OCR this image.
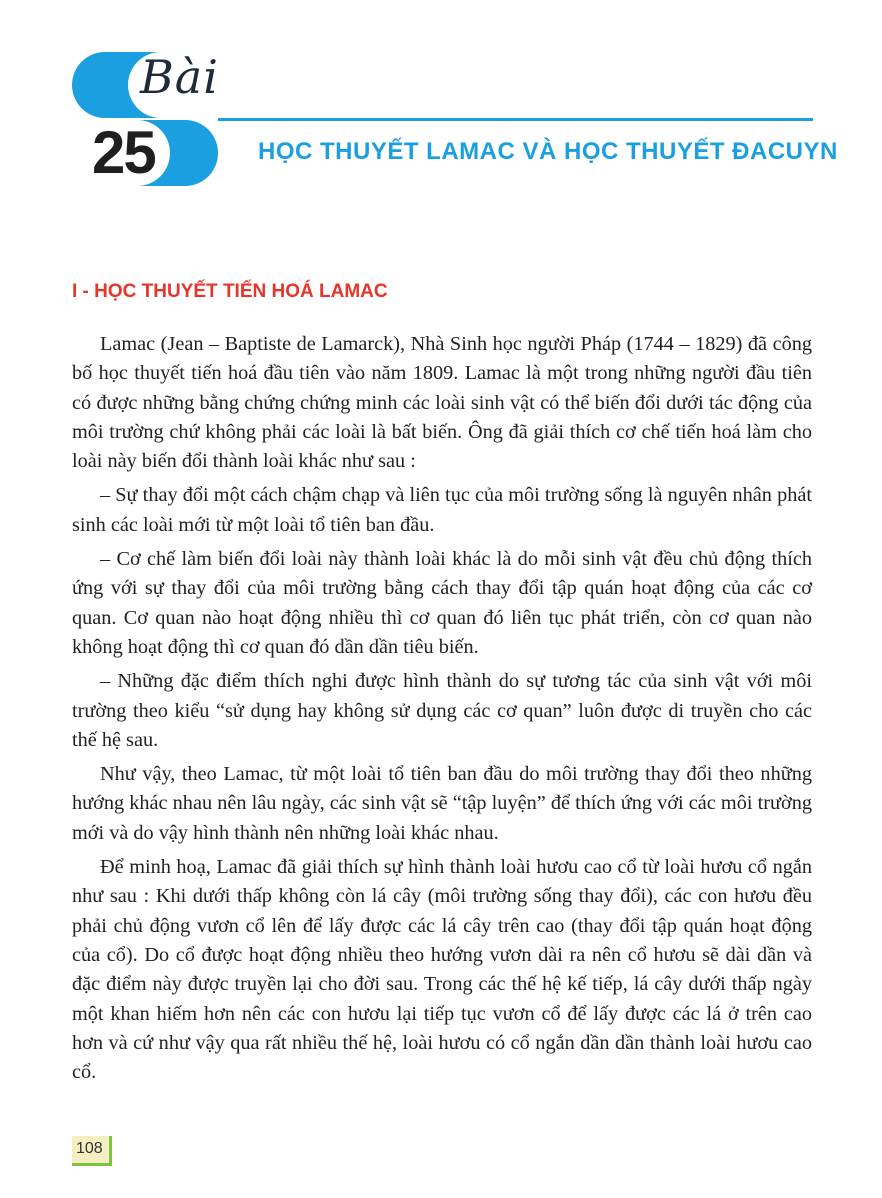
Bài
25	HỌC THUYẾT LAMAC VÀ HỌC THUYẾT ĐACUYN
I - HỌC THUYẾT TIẾN HOÁ LAMAC

Lamac (Jean – Baptiste de Lamarck), Nhà Sinh học người Pháp (1744 – 1829) đã công bố học thuyết tiến hoá đầu tiên vào năm 1809. Lamac là một trong những người đầu tiên có được những bằng chứng chứng minh các loài sinh vật có thể biến đổi dưới tác động của môi trường chứ không phải các loài là bất biến. Ông đã giải thích cơ chế tiến hoá làm cho loài này biến đổi thành loài khác như sau :

– Sự thay đổi một cách chậm chạp và liên tục của môi trường sống là nguyên nhân phát sinh các loài mới từ một loài tổ tiên ban đầu.

– Cơ chế làm biến đổi loài này thành loài khác là do mỗi sinh vật đều chủ động thích ứng với sự thay đổi của môi trường bằng cách thay đổi tập quán hoạt động của các cơ quan. Cơ quan nào hoạt động nhiều thì cơ quan đó liên tục phát triển, còn cơ quan nào không hoạt động thì cơ quan đó dần dần tiêu biến.

– Những đặc điểm thích nghi được hình thành do sự tương tác của sinh vật với môi trường theo kiểu “sử dụng hay không sử dụng các cơ quan” luôn được di truyền cho các thế hệ sau.

Như vậy, theo Lamac, từ một loài tổ tiên ban đầu do môi trường thay đổi theo những hướng khác nhau nên lâu ngày, các sinh vật sẽ “tập luyện” để thích ứng với các môi trường mới và do vậy hình thành nên những loài khác nhau.

Để minh hoạ, Lamac đã giải thích sự hình thành loài hươu cao cổ từ loài hươu cổ ngắn như sau : Khi dưới thấp không còn lá cây (môi trường sống thay đổi), các con hươu đều phải chủ động vươn cổ lên để lấy được các lá cây trên cao (thay đổi tập quán hoạt động của cổ). Do cổ được hoạt động nhiều theo hướng vươn dài ra nên cổ hươu sẽ dài dần và đặc điểm này được truyền lại cho đời sau. Trong các thế hệ kế tiếp, lá cây dưới thấp ngày một khan hiếm hơn nên các con hươu lại tiếp tục vươn cổ để lấy được các lá ở trên cao hơn và cứ như vậy qua rất nhiều thế hệ, loài hươu có cổ ngắn dần dần thành loài hươu cao cổ.

108
